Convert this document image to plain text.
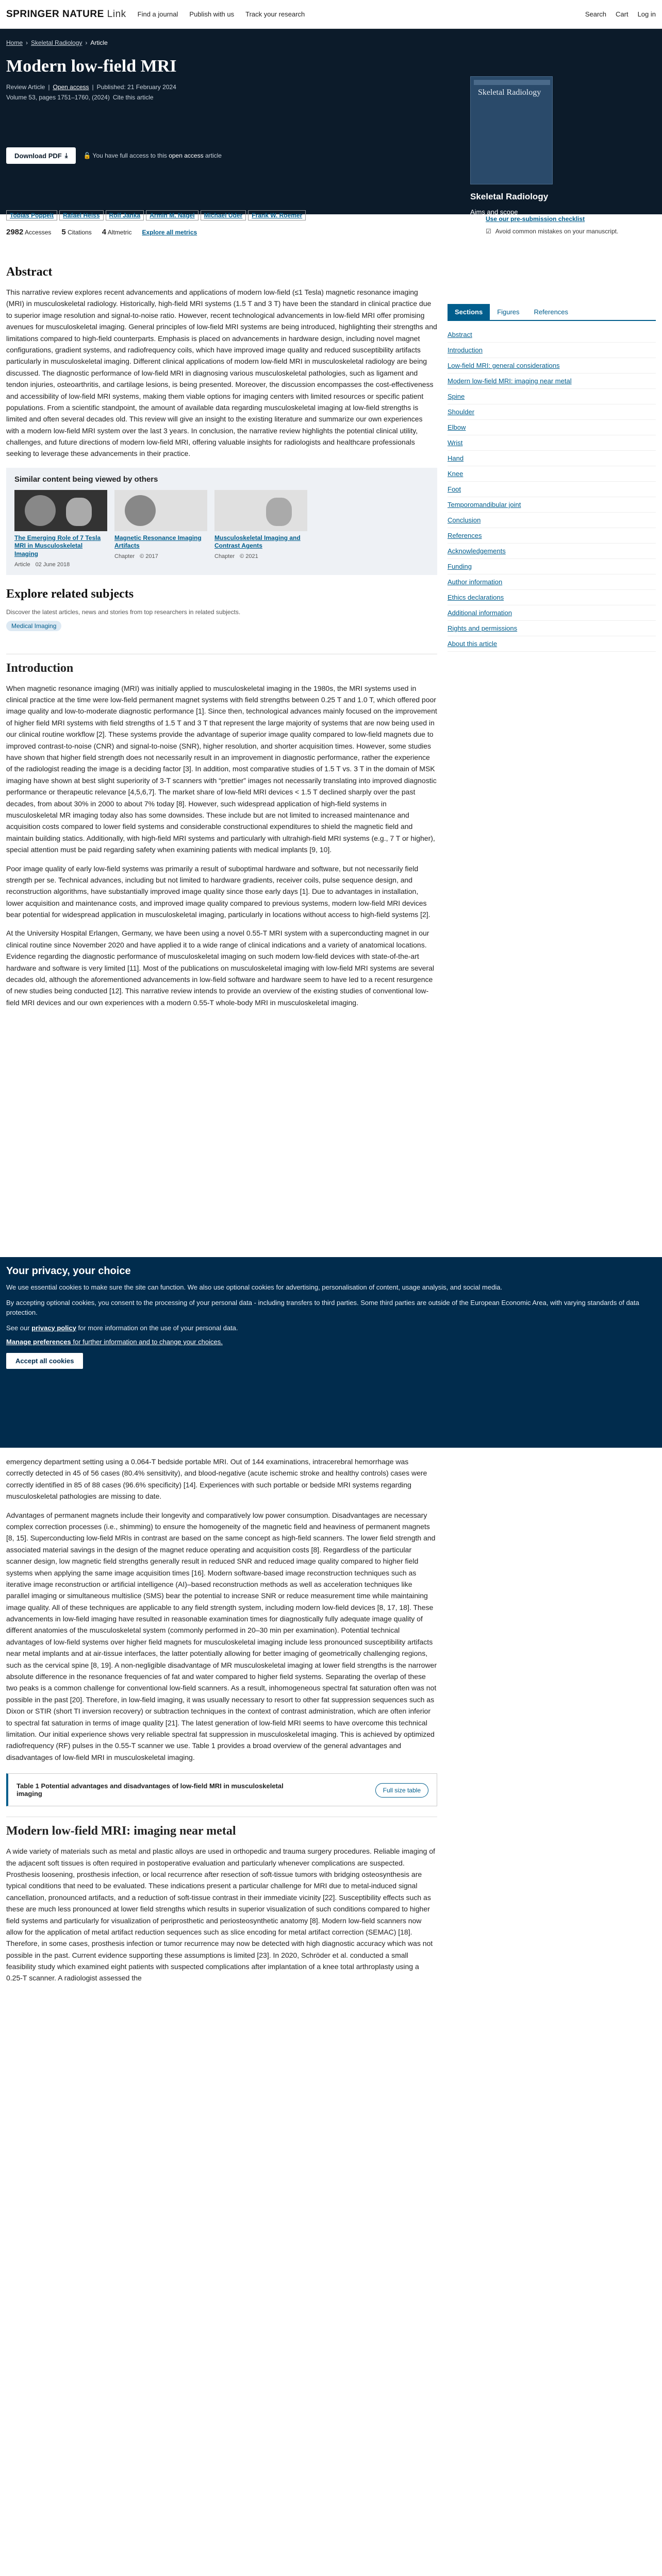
SPRINGER NATURE Link Find a journal Publish with us Track your research	Search Cart Log in
Home › Skeletal Radiology › Article
Modern low-field MRI
Review Article | Open access | Published: 21 February 2024
Volume 53, pages 1751–1760, (2024) Cite this article
Download PDF ⤓	🔓 You have full access to this open access article
Skeletal Radiology
Skeletal Radiology
Aims and scope
Submit manuscript
Tobias Poppelt	Rafael Heiss	Rolf Janka	Armin M. Nagel	Michael Uder	Frank W. Roemer
2982 Accesses 5 Citations 4 Altmetric Explore all metrics
Use our pre-submission checklist
☑ Avoid common mistakes on your manuscript.
Abstract

This narrative review explores recent advancements and applications of modern low-field (≤1 Tesla) magnetic resonance imaging (MRI) in musculoskeletal radiology. Historically, high-field MRI systems (1.5 T and 3 T) have been the standard in clinical practice due to superior image resolution and signal-to-noise ratio. However, recent technological advancements in low-field MRI offer promising avenues for musculoskeletal imaging. General principles of low-field MRI systems are being introduced, highlighting their strengths and limitations compared to high-field counterparts. Emphasis is placed on advancements in hardware design, including novel magnet configurations, gradient systems, and radiofrequency coils, which have improved image quality and reduced susceptibility artifacts particularly in musculoskeletal imaging. Different clinical applications of modern low-field MRI in musculoskeletal radiology are being discussed. The diagnostic performance of low-field MRI in diagnosing various musculoskeletal pathologies, such as ligament and tendon injuries, osteoarthritis, and cartilage lesions, is being presented. Moreover, the discussion encompasses the cost-effectiveness and accessibility of low-field MRI systems, making them viable options for imaging centers with limited resources or specific patient populations. From a scientific standpoint, the amount of available data regarding musculoskeletal imaging at low-field strengths is limited and often several decades old. This review will give an insight to the existing literature and summarize our own experiences with a modern low-field MRI system over the last 3 years. In conclusion, the narrative review highlights the potential clinical utility, challenges, and future directions of modern low-field MRI, offering valuable insights for radiologists and healthcare professionals seeking to leverage these advancements in their practice.

Similar content being viewed by others
The Emerging Role of 7 Tesla MRI in Musculoskeletal Imaging
Article 02 June 2018
Magnetic Resonance Imaging Artifacts
Chapter © 2017
Musculoskeletal Imaging and Contrast Agents
Chapter © 2021
Explore related subjects
Discover the latest articles, news and stories from top researchers in related subjects.
Medical Imaging
Introduction

When magnetic resonance imaging (MRI) was initially applied to musculoskeletal imaging in the 1980s, the MRI systems used in clinical practice at the time were low-field permanent magnet systems with field strengths between 0.25 T and 1.0 T, which offered poor image quality and low-to-moderate diagnostic performance [1]. Since then, technological advances mainly focused on the improvement of higher field MRI systems with field strengths of 1.5 T and 3 T that represent the large majority of systems that are now being used in our clinical routine workflow [2]. These systems provide the advantage of superior image quality compared to low-field magnets due to improved contrast-to-noise (CNR) and signal-to-noise (SNR), higher resolution, and shorter acquisition times. However, some studies have shown that higher field strength does not necessarily result in an improvement in diagnostic performance, rather the experience of the radiologist reading the image is a deciding factor [3]. In addition, most comparative studies of 1.5 T vs. 3 T in the domain of MSK imaging have shown at best slight superiority of 3-T scanners with “prettier” images not necessarily translating into improved diagnostic performance or therapeutic relevance [4,5,6,7]. The market share of low-field MRI devices < 1.5 T declined sharply over the past decades, from about 30% in 2000 to about 7% today [8]. However, such widespread application of high-field systems in musculoskeletal MR imaging today also has some downsides. These include but are not limited to increased maintenance and acquisition costs compared to lower field systems and considerable constructional expenditures to shield the magnetic field and maintain building statics. Additionally, with high-field MRI systems and particularly with ultrahigh-field MRI systems (e.g., 7 T or higher), special attention must be paid regarding safety when examining patients with medical implants [9, 10].

Poor image quality of early low-field systems was primarily a result of suboptimal hardware and software, but not necessarily field strength per se. Technical advances, including but not limited to hardware gradients, receiver coils, pulse sequence design, and reconstruction algorithms, have substantially improved image quality since those early days [1]. Due to advantages in installation, lower acquisition and maintenance costs, and improved image quality compared to previous systems, modern low-field MRI devices bear potential for widespread application in musculoskeletal imaging, particularly in locations without access to high-field systems [2].

At the University Hospital Erlangen, Germany, we have been using a novel 0.55-T MRI system with a superconducting magnet in our clinical routine since November 2020 and have applied it to a wide range of clinical indications and a variety of anatomical locations. Evidence regarding the diagnostic performance of musculoskeletal imaging on such modern low-field devices with state-of-the-art hardware and software is very limited [11]. Most of the publications on musculoskeletal imaging with low-field MRI systems are several decades old, although the aforementioned advancements in low-field software and hardware seem to have led to a recent resurgence of new studies being conducted [12]. This narrative review intends to provide an overview of the existing studies of conventional low-field MRI devices and our own experiences with a modern 0.55-T whole-body MRI in musculoskeletal imaging.

Sections	Figures	References
Abstract
Introduction
Low-field MRI: general considerations
Modern low-field MRI: imaging near metal
Spine
Shoulder
Elbow
Wrist
Hand
Knee
Foot
Temporomandibular joint
Conclusion
References
Acknowledgements
Funding
Author information
Ethics declarations
Additional information
Rights and permissions
About this article
Your privacy, your choice

We use essential cookies to make sure the site can function. We also use optional cookies for advertising, personalisation of content, usage analysis, and social media.

By accepting optional cookies, you consent to the processing of your personal data - including transfers to third parties. Some third parties are outside of the European Economic Area, with varying standards of data protection.

See our privacy policy for more information on the use of your personal data.

Manage preferences for further information and to change your choices.
Accept all cookies

emergency department setting using a 0.064-T bedside portable MRI. Out of 144 examinations, intracerebral hemorrhage was correctly detected in 45 of 56 cases (80.4% sensitivity), and blood-negative (acute ischemic stroke and healthy controls) cases were correctly identified in 85 of 88 cases (96.6% specificity) [14]. Experiences with such portable or bedside MRI systems regarding musculoskeletal pathologies are missing to date.

Advantages of permanent magnets include their longevity and comparatively low power consumption. Disadvantages are necessary complex correction processes (i.e., shimming) to ensure the homogeneity of the magnetic field and heaviness of permanent magnets [8, 15]. Superconducting low-field MRIs in contrast are based on the same concept as high-field scanners. The lower field strength and associated material savings in the design of the magnet reduce operating and acquisition costs [8]. Regardless of the particular scanner design, low magnetic field strengths generally result in reduced SNR and reduced image quality compared to higher field systems when applying the same image acquisition times [16]. Modern software-based image reconstruction techniques such as iterative image reconstruction or artificial intelligence (AI)–based reconstruction methods as well as acceleration techniques like parallel imaging or simultaneous multislice (SMS) bear the potential to increase SNR or reduce measurement time while maintaining image quality. All of these techniques are applicable to any field strength system, including modern low-field devices [8, 17, 18]. These advancements in low-field imaging have resulted in reasonable examination times for diagnostically fully adequate image quality of different anatomies of the musculoskeletal system (commonly performed in 20–30 min per examination). Potential technical advantages of low-field systems over higher field magnets for musculoskeletal imaging include less pronounced susceptibility artifacts near metal implants and at air-tissue interfaces, the latter potentially allowing for better imaging of geometrically challenging regions, such as the cervical spine [8, 19]. A non-negligible disadvantage of MR musculoskeletal imaging at lower field strengths is the narrower absolute difference in the resonance frequencies of fat and water compared to higher field systems. Separating the overlap of these two peaks is a common challenge for conventional low-field scanners. As a result, inhomogeneous spectral fat saturation often was not possible in the past [20]. Therefore, in low-field imaging, it was usually necessary to resort to other fat suppression sequences such as Dixon or STIR (short TI inversion recovery) or subtraction techniques in the context of contrast administration, which are often inferior to spectral fat saturation in terms of image quality [21]. The latest generation of low-field MRI seems to have overcome this technical limitation. Our initial experience shows very reliable spectral fat suppression in musculoskeletal imaging. This is achieved by optimized radiofrequency (RF) pulses in the 0.55-T scanner we use. Table 1 provides a broad overview of the general advantages and disadvantages of low-field MRI in musculoskeletal imaging.

Table 1 Potential advantages and disadvantages of low-field MRI in musculoskeletal imaging	Full size table
Modern low-field MRI: imaging near metal

A wide variety of materials such as metal and plastic alloys are used in orthopedic and trauma surgery procedures. Reliable imaging of the adjacent soft tissues is often required in postoperative evaluation and particularly whenever complications are suspected. Prosthesis loosening, prosthesis infection, or local recurrence after resection of soft-tissue tumors with bridging osteosynthesis are typical conditions that need to be evaluated. These indications present a particular challenge for MRI due to metal-induced signal cancellation, pronounced artifacts, and a reduction of soft-tissue contrast in their immediate vicinity [22]. Susceptibility effects such as these are much less pronounced at lower field strengths which results in superior visualization of such conditions compared to higher field systems and particularly for visualization of periprosthetic and periosteosynthetic anatomy [8]. Modern low-field scanners now allow for the application of metal artifact reduction sequences such as slice encoding for metal artifact correction (SEMAC) [18]. Therefore, in some cases, prosthesis infection or tumor recurrence may now be detected with high diagnostic accuracy which was not possible in the past. Current evidence supporting these assumptions is limited [23]. In 2020, Schröder et al. conducted a small feasibility study which examined eight patients with suspected complications after implantation of a knee total arthroplasty using a 0.25-T scanner. A radiologist assessed the
